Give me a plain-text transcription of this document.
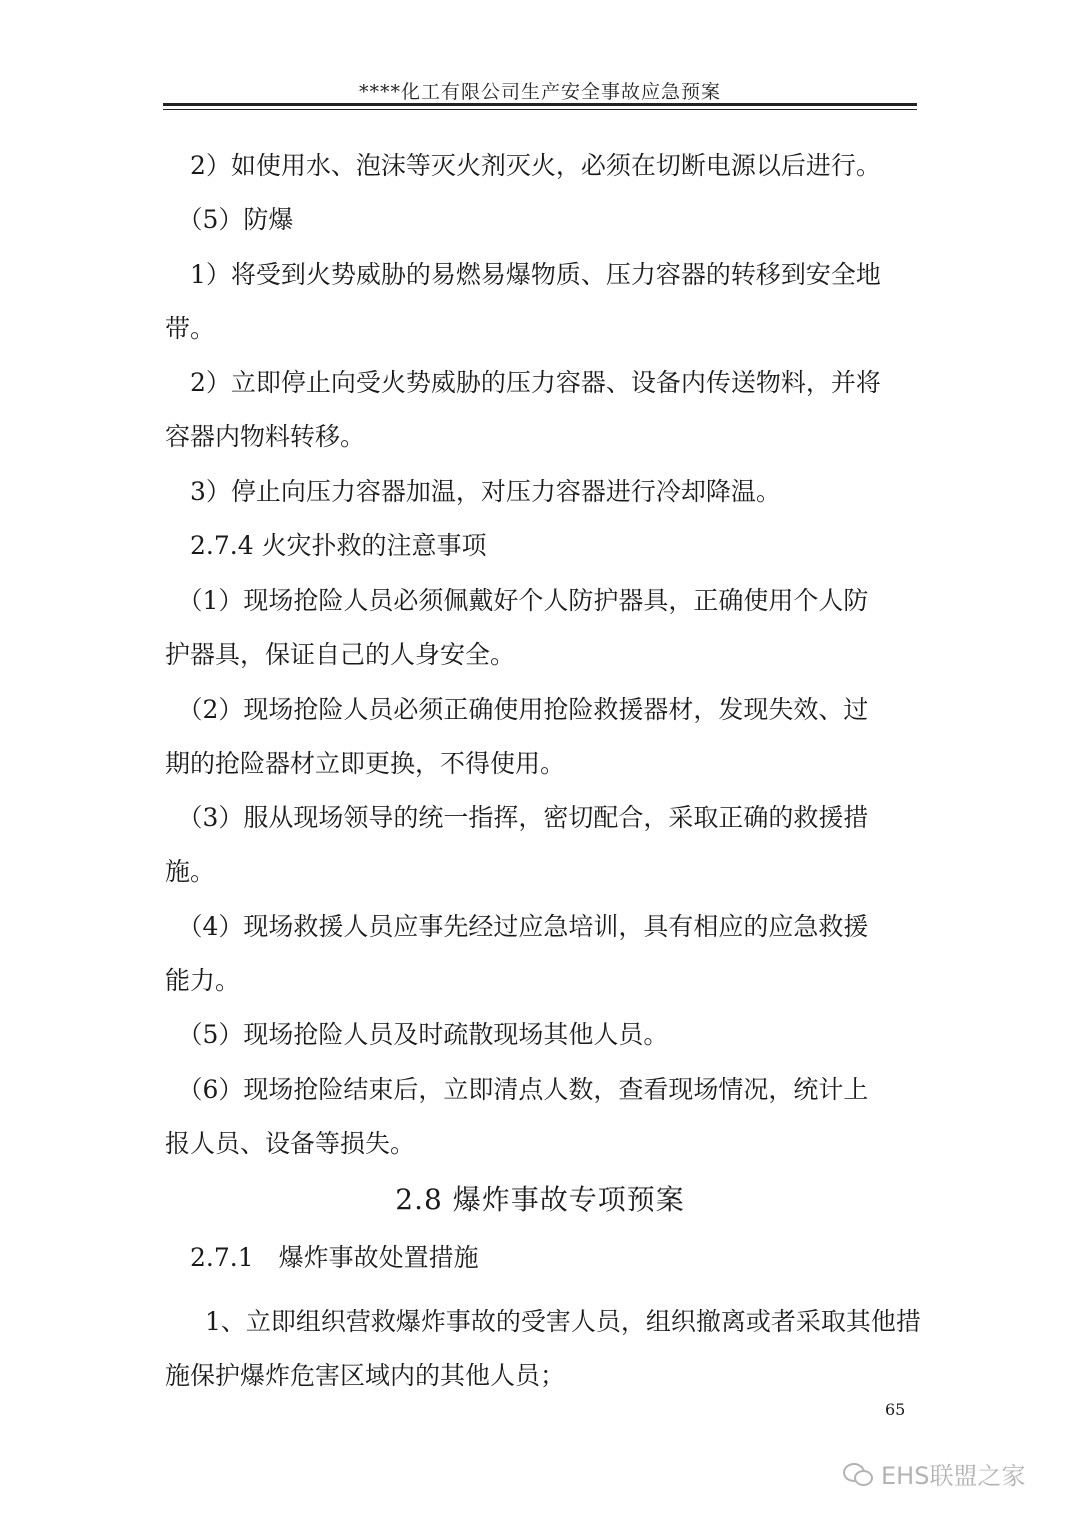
****化工有限公司生产安全事故应急预案
　2）如使用水、泡沫等灭火剂灭火，必须在切断电源以后进行。
　（5）防爆
　1）将受到火势威胁的易燃易爆物质、压力容器的转移到安全地
带。
　2）立即停止向受火势威胁的压力容器、设备内传送物料，并将
容器内物料转移。
　3）停止向压力容器加温，对压力容器进行冷却降温。
　2.7.4 火灾扑救的注意事项
　（1）现场抢险人员必须佩戴好个人防护器具，正确使用个人防
护器具，保证自己的人身安全。
　（2）现场抢险人员必须正确使用抢险救援器材，发现失效、过
期的抢险器材立即更换，不得使用。
　（3）服从现场领导的统一指挥，密切配合，采取正确的救援措
施。
　（4）现场救援人员应事先经过应急培训，具有相应的应急救援
能力。
　（5）现场抢险人员及时疏散现场其他人员。
　（6）现场抢险结束后，立即清点人数，查看现场情况，统计上
报人员、设备等损失。
2.8 爆炸事故专项预案
　2.7.1　爆炸事故处置措施
　1、立即组织营救爆炸事故的受害人员，组织撤离或者采取其他措
施保护爆炸危害区域内的其他人员；
65
EHS联盟之家
